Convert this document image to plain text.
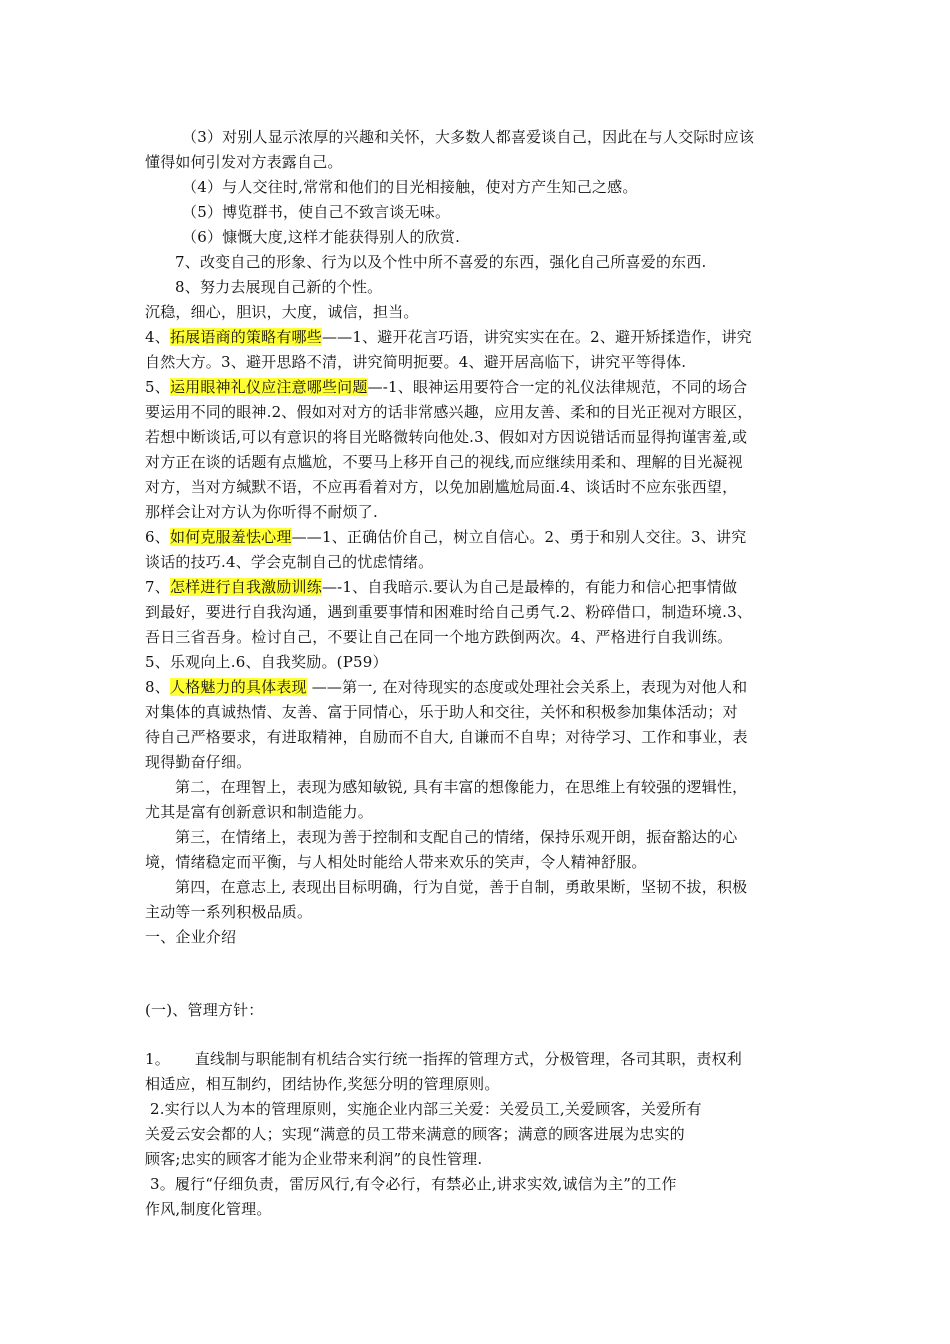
（3）对别人显示浓厚的兴趣和关怀，大多数人都喜爱谈自己，因此在与人交际时应该
懂得如何引发对方表露自己。
（4）与人交往时,常常和他们的目光相接触，使对方产生知己之感。
（5）博览群书，使自己不致言谈无味。
（6）慷慨大度,这样才能获得别人的欣赏.
7、改变自己的形象、行为以及个性中所不喜爱的东西，强化自己所喜爱的东西.
8、努力去展现自己新的个性。
沉稳，细心，胆识，大度，诚信，担当。
4、拓展语商的策略有哪些——1、避开花言巧语，讲究实实在在。2、避开矫揉造作，讲究
自然大方。3、避开思路不清，讲究简明扼要。4、避开居高临下，讲究平等得体.
5、运用眼神礼仪应注意哪些问题—-1、眼神运用要符合一定的礼仪法律规范，不同的场合
要运用不同的眼神.2、假如对对方的话非常感兴趣，应用友善、柔和的目光正视对方眼区，
若想中断谈话,可以有意识的将目光略微转向他处.3、假如对方因说错话而显得拘谨害羞,或
对方正在谈的话题有点尴尬，不要马上移开自己的视线,而应继续用柔和、理解的目光凝视
对方，当对方缄默不语，不应再看着对方，以免加剧尴尬局面.4、谈话时不应东张西望，
那样会让对方认为你听得不耐烦了.
6、如何克服羞怯心理——1、正确估价自己，树立自信心。2、勇于和别人交往。3、讲究
谈话的技巧.4、学会克制自己的忧虑情绪。
7、怎样进行自我激励训练—-1、自我暗示.要认为自己是最棒的，有能力和信心把事情做
到最好，要进行自我沟通，遇到重要事情和困难时给自己勇气.2、粉碎借口，制造环境.3、
吾日三省吾身。检讨自己，不要让自己在同一个地方跌倒两次。4、严格进行自我训练。
5、乐观向上.6、自我奖励。(P59）
8、人格魅力的具体表现 ——第一, 在对待现实的态度或处理社会关系上，表现为对他人和
对集体的真诚热情、友善、富于同情心，乐于助人和交往，关怀和积极参加集体活动；对
待自己严格要求，有进取精神，自励而不自大, 自谦而不自卑；对待学习、工作和事业，表
现得勤奋仔细。
第二，在理智上，表现为感知敏锐, 具有丰富的想像能力，在思维上有较强的逻辑性，
尤其是富有创新意识和制造能力。
第三，在情绪上，表现为善于控制和支配自己的情绪，保持乐观开朗，振奋豁达的心
境，情绪稳定而平衡，与人相处时能给人带来欢乐的笑声，令人精神舒服。
第四，在意志上, 表现出目标明确，行为自觉，善于自制，勇敢果断，坚韧不拔，积极
主动等一系列积极品质。
一、企业介绍
(一)、管理方针：
1。     直线制与职能制有机结合实行统一指挥的管理方式，分极管理，各司其职，责权利
相适应，相互制约，团结协作,奖惩分明的管理原则。
2.实行以人为本的管理原则，实施企业内部三关爱：关爱员工,关爱顾客，关爱所有
关爱云安会都的人；实现“满意的员工带来满意的顾客；满意的顾客进展为忠实的
顾客;忠实的顾客才能为企业带来利润”的良性管理.
3。履行“仔细负责，雷厉风行,有令必行，有禁必止,讲求实效,诚信为主”的工作
作风,制度化管理。
